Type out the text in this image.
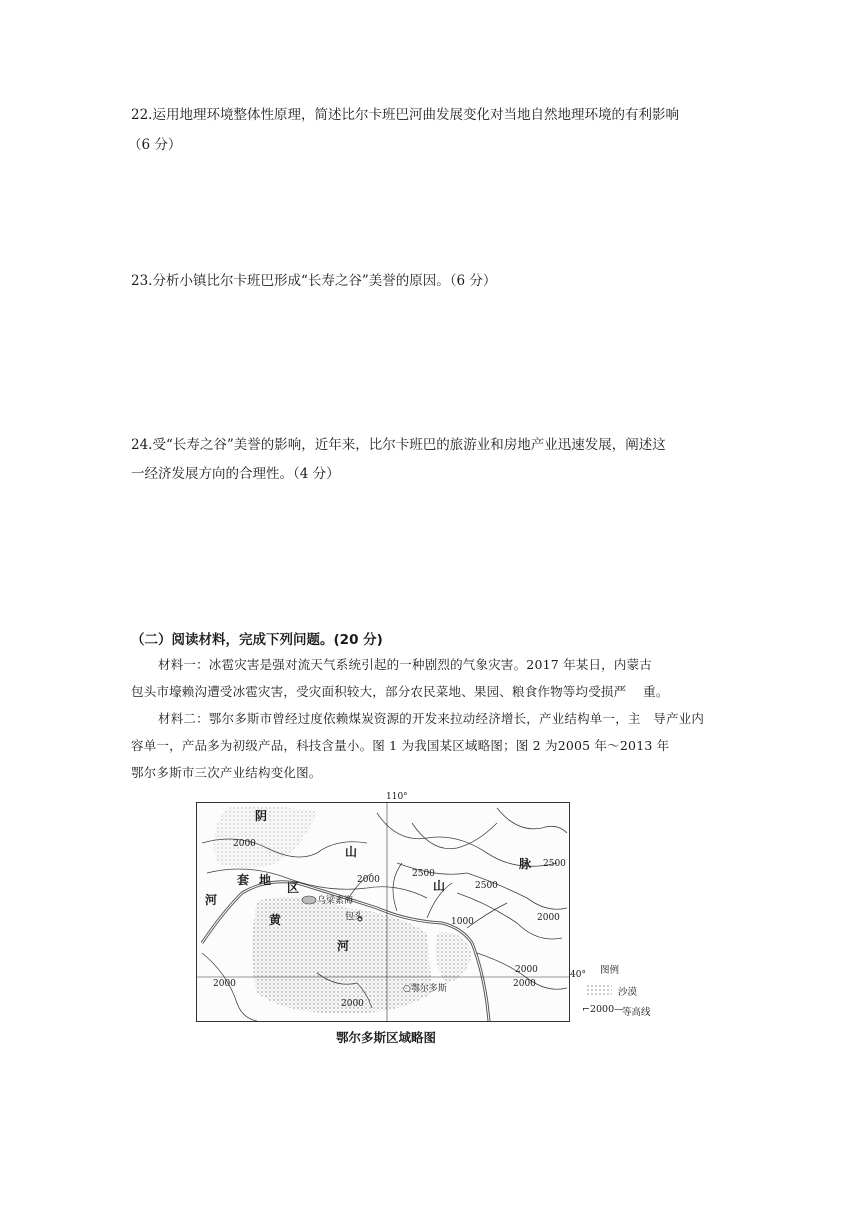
22.运用地理环境整体性原理，简述比尔卡班巴河曲发展变化对当地自然地理环境的有利影响
（6 分）
23.分析小镇比尔卡班巴形成“长寿之谷”美誉的原因。（6 分）
24.受“长寿之谷”美誉的影响，近年来，比尔卡班巴的旅游业和房地产业迅速发展，阐述这
一经济发展方向的合理性。（4 分）
（二）阅读材料，完成下列问题。(20 分)
材料一：冰雹灾害是强对流天气系统引起的一种剧烈的气象灾害。2017 年某日，内蒙古
包头市壕赖沟遭受冰雹灾害，受灾面积较大，部分农民菜地、果园、粮食作物等均受损严　 重。
材料二：鄂尔多斯市曾经过度依赖煤炭资源的开发来拉动经济增长，产业结构单一，主　导产业内
容单一，产品多为初级产品，科技含量小。图 1 为我国某区域略图；图 2 为2005 年～2013 年
鄂尔多斯市三次产业结构变化图。
110°
阴
山
山
脉
河
套 地
区
黄
河
乌梁素海
包头
○鄂尔多斯
2000
2000
2500
2500
2500
1000	2000
2000
2000
2000
2000
40° 图例
沙漠
⌐2000—
等高线
鄂尔多斯区域略图
